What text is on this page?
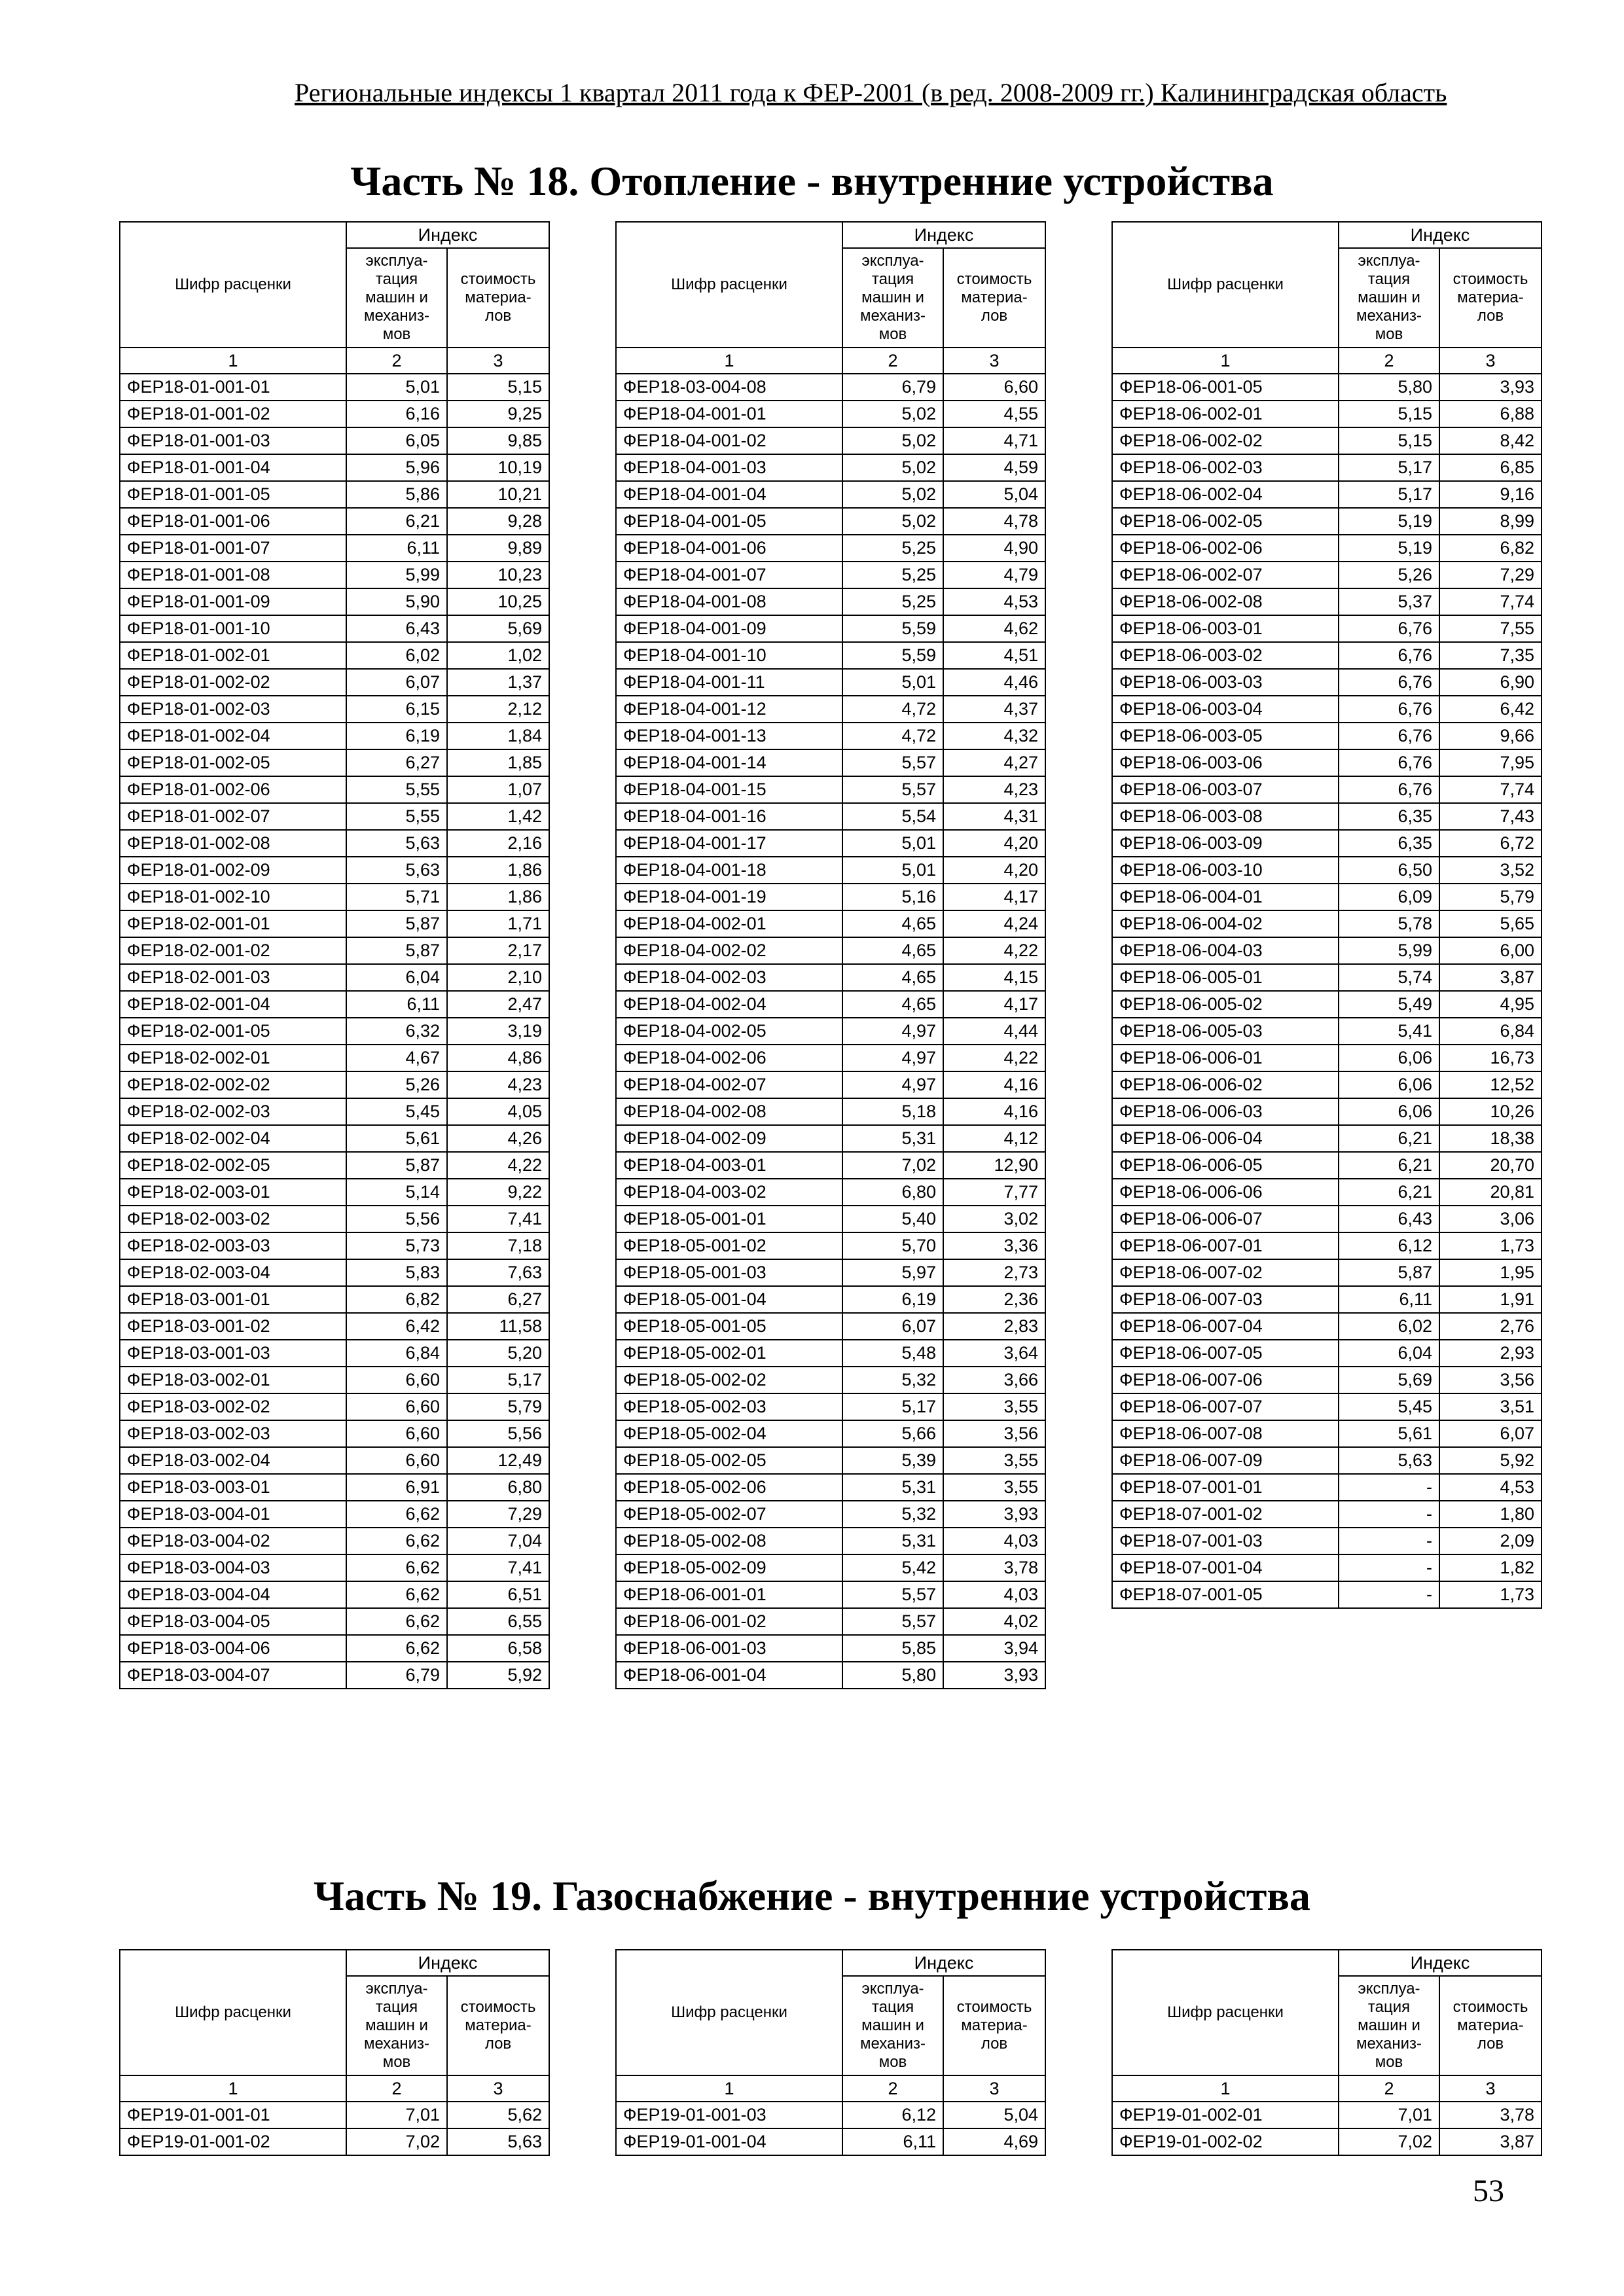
Региональные индексы 1 квартал 2011 года к ФЕР-2001 (в ред. 2008-2009 гг.) Калининградская область
Часть № 18. Отопление - внутренние устройства
Шифр расценки	Индекс	
	эксплуа-
тация
машин и
механиз-
мов	стоимость
материа-
лов
1	2	3
ФЕР18-01-001-01	5,01	5,15
ФЕР18-01-001-02	6,16	9,25
ФЕР18-01-001-03	6,05	9,85
ФЕР18-01-001-04	5,96	10,19
ФЕР18-01-001-05	5,86	10,21
ФЕР18-01-001-06	6,21	9,28
ФЕР18-01-001-07	6,11	9,89
ФЕР18-01-001-08	5,99	10,23
ФЕР18-01-001-09	5,90	10,25
ФЕР18-01-001-10	6,43	5,69
ФЕР18-01-002-01	6,02	1,02
ФЕР18-01-002-02	6,07	1,37
ФЕР18-01-002-03	6,15	2,12
ФЕР18-01-002-04	6,19	1,84
ФЕР18-01-002-05	6,27	1,85
ФЕР18-01-002-06	5,55	1,07
ФЕР18-01-002-07	5,55	1,42
ФЕР18-01-002-08	5,63	2,16
ФЕР18-01-002-09	5,63	1,86
ФЕР18-01-002-10	5,71	1,86
ФЕР18-02-001-01	5,87	1,71
ФЕР18-02-001-02	5,87	2,17
ФЕР18-02-001-03	6,04	2,10
ФЕР18-02-001-04	6,11	2,47
ФЕР18-02-001-05	6,32	3,19
ФЕР18-02-002-01	4,67	4,86
ФЕР18-02-002-02	5,26	4,23
ФЕР18-02-002-03	5,45	4,05
ФЕР18-02-002-04	5,61	4,26
ФЕР18-02-002-05	5,87	4,22
ФЕР18-02-003-01	5,14	9,22
ФЕР18-02-003-02	5,56	7,41
ФЕР18-02-003-03	5,73	7,18
ФЕР18-02-003-04	5,83	7,63
ФЕР18-03-001-01	6,82	6,27
ФЕР18-03-001-02	6,42	11,58
ФЕР18-03-001-03	6,84	5,20
ФЕР18-03-002-01	6,60	5,17
ФЕР18-03-002-02	6,60	5,79
ФЕР18-03-002-03	6,60	5,56
ФЕР18-03-002-04	6,60	12,49
ФЕР18-03-003-01	6,91	6,80
ФЕР18-03-004-01	6,62	7,29
ФЕР18-03-004-02	6,62	7,04
ФЕР18-03-004-03	6,62	7,41
ФЕР18-03-004-04	6,62	6,51
ФЕР18-03-004-05	6,62	6,55
ФЕР18-03-004-06	6,62	6,58
ФЕР18-03-004-07	6,79	5,92
Шифр расценки	Индекс	
	эксплуа-
тация
машин и
механиз-
мов	стоимость
материа-
лов
1	2	3
ФЕР18-03-004-08	6,79	6,60
ФЕР18-04-001-01	5,02	4,55
ФЕР18-04-001-02	5,02	4,71
ФЕР18-04-001-03	5,02	4,59
ФЕР18-04-001-04	5,02	5,04
ФЕР18-04-001-05	5,02	4,78
ФЕР18-04-001-06	5,25	4,90
ФЕР18-04-001-07	5,25	4,79
ФЕР18-04-001-08	5,25	4,53
ФЕР18-04-001-09	5,59	4,62
ФЕР18-04-001-10	5,59	4,51
ФЕР18-04-001-11	5,01	4,46
ФЕР18-04-001-12	4,72	4,37
ФЕР18-04-001-13	4,72	4,32
ФЕР18-04-001-14	5,57	4,27
ФЕР18-04-001-15	5,57	4,23
ФЕР18-04-001-16	5,54	4,31
ФЕР18-04-001-17	5,01	4,20
ФЕР18-04-001-18	5,01	4,20
ФЕР18-04-001-19	5,16	4,17
ФЕР18-04-002-01	4,65	4,24
ФЕР18-04-002-02	4,65	4,22
ФЕР18-04-002-03	4,65	4,15
ФЕР18-04-002-04	4,65	4,17
ФЕР18-04-002-05	4,97	4,44
ФЕР18-04-002-06	4,97	4,22
ФЕР18-04-002-07	4,97	4,16
ФЕР18-04-002-08	5,18	4,16
ФЕР18-04-002-09	5,31	4,12
ФЕР18-04-003-01	7,02	12,90
ФЕР18-04-003-02	6,80	7,77
ФЕР18-05-001-01	5,40	3,02
ФЕР18-05-001-02	5,70	3,36
ФЕР18-05-001-03	5,97	2,73
ФЕР18-05-001-04	6,19	2,36
ФЕР18-05-001-05	6,07	2,83
ФЕР18-05-002-01	5,48	3,64
ФЕР18-05-002-02	5,32	3,66
ФЕР18-05-002-03	5,17	3,55
ФЕР18-05-002-04	5,66	3,56
ФЕР18-05-002-05	5,39	3,55
ФЕР18-05-002-06	5,31	3,55
ФЕР18-05-002-07	5,32	3,93
ФЕР18-05-002-08	5,31	4,03
ФЕР18-05-002-09	5,42	3,78
ФЕР18-06-001-01	5,57	4,03
ФЕР18-06-001-02	5,57	4,02
ФЕР18-06-001-03	5,85	3,94
ФЕР18-06-001-04	5,80	3,93
Шифр расценки	Индекс	
	эксплуа-
тация
машин и
механиз-
мов	стоимость
материа-
лов
1	2	3
ФЕР18-06-001-05	5,80	3,93
ФЕР18-06-002-01	5,15	6,88
ФЕР18-06-002-02	5,15	8,42
ФЕР18-06-002-03	5,17	6,85
ФЕР18-06-002-04	5,17	9,16
ФЕР18-06-002-05	5,19	8,99
ФЕР18-06-002-06	5,19	6,82
ФЕР18-06-002-07	5,26	7,29
ФЕР18-06-002-08	5,37	7,74
ФЕР18-06-003-01	6,76	7,55
ФЕР18-06-003-02	6,76	7,35
ФЕР18-06-003-03	6,76	6,90
ФЕР18-06-003-04	6,76	6,42
ФЕР18-06-003-05	6,76	9,66
ФЕР18-06-003-06	6,76	7,95
ФЕР18-06-003-07	6,76	7,74
ФЕР18-06-003-08	6,35	7,43
ФЕР18-06-003-09	6,35	6,72
ФЕР18-06-003-10	6,50	3,52
ФЕР18-06-004-01	6,09	5,79
ФЕР18-06-004-02	5,78	5,65
ФЕР18-06-004-03	5,99	6,00
ФЕР18-06-005-01	5,74	3,87
ФЕР18-06-005-02	5,49	4,95
ФЕР18-06-005-03	5,41	6,84
ФЕР18-06-006-01	6,06	16,73
ФЕР18-06-006-02	6,06	12,52
ФЕР18-06-006-03	6,06	10,26
ФЕР18-06-006-04	6,21	18,38
ФЕР18-06-006-05	6,21	20,70
ФЕР18-06-006-06	6,21	20,81
ФЕР18-06-006-07	6,43	3,06
ФЕР18-06-007-01	6,12	1,73
ФЕР18-06-007-02	5,87	1,95
ФЕР18-06-007-03	6,11	1,91
ФЕР18-06-007-04	6,02	2,76
ФЕР18-06-007-05	6,04	2,93
ФЕР18-06-007-06	5,69	3,56
ФЕР18-06-007-07	5,45	3,51
ФЕР18-06-007-08	5,61	6,07
ФЕР18-06-007-09	5,63	5,92
ФЕР18-07-001-01	-	4,53
ФЕР18-07-001-02	-	1,80
ФЕР18-07-001-03	-	2,09
ФЕР18-07-001-04	-	1,82
ФЕР18-07-001-05	-	1,73
Часть № 19. Газоснабжение - внутренние устройства
Шифр расценки	Индекс	
	эксплуа-
тация
машин и
механиз-
мов	стоимость
материа-
лов
1	2	3
ФЕР19-01-001-01	7,01	5,62
ФЕР19-01-001-02	7,02	5,63
Шифр расценки	Индекс	
	эксплуа-
тация
машин и
механиз-
мов	стоимость
материа-
лов
1	2	3
ФЕР19-01-001-03	6,12	5,04
ФЕР19-01-001-04	6,11	4,69
Шифр расценки	Индекс	
	эксплуа-
тация
машин и
механиз-
мов	стоимость
материа-
лов
1	2	3
ФЕР19-01-002-01	7,01	3,78
ФЕР19-01-002-02	7,02	3,87
53
